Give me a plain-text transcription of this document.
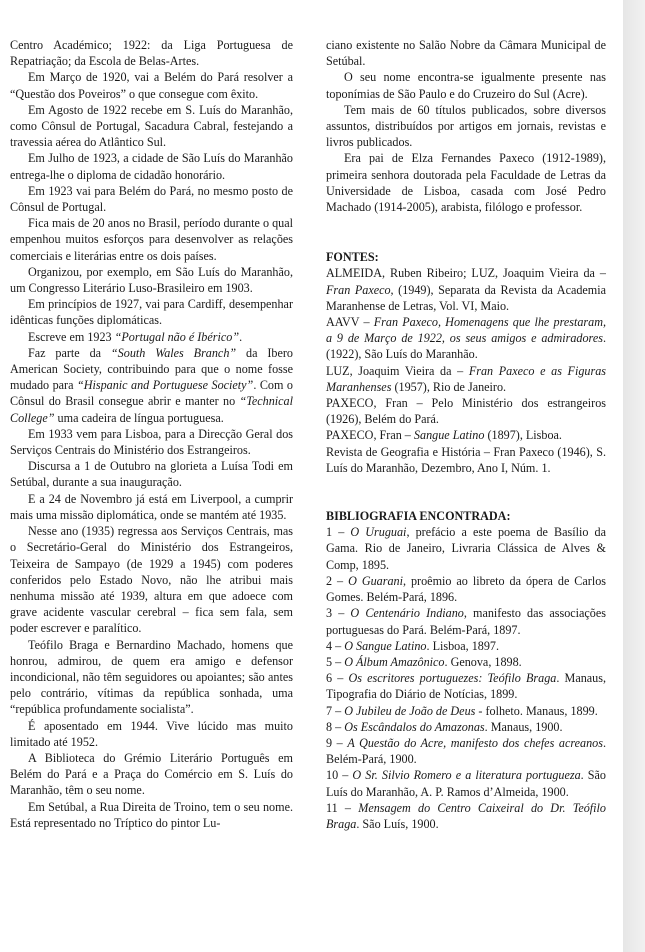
Centro Académico; 1922: da Liga Portuguesa de Repatriação; da Escola de Belas-Artes.

Em Março de 1920, vai a Belém do Pará resolver a “Questão dos Poveiros” o que consegue com êxito.

Em Agosto de 1922 recebe em S. Luís do Maranhão, como Cônsul de Portugal, Sacadura Cabral, festejando a travessia aérea do Atlântico Sul.

Em Julho de 1923, a cidade de São Luís do Maranhão entrega-lhe o diploma de cidadão honorário.

Em 1923 vai para Belém do Pará, no mesmo posto de Cônsul de Portugal.

Fica mais de 20 anos no Brasil, período durante o qual empenhou muitos esforços para desenvolver as relações comerciais e literárias entre os dois países.

Organizou, por exemplo, em São Luís do Maranhão, um Congresso Literário Luso-Brasileiro em 1903.

Em princípios de 1927, vai para Cardiff, desempenhar idênticas funções diplomáticas.

Escreve em 1923 “Portugal não é Ibérico”.

Faz parte da “South Wales Branch” da Ibero American Society, contribuindo para que o nome fosse mudado para “Hispanic and Portuguese Society”. Com o Cônsul do Brasil consegue abrir e manter no “Technical College” uma cadeira de língua portuguesa.

Em 1933 vem para Lisboa, para a Direcção Geral dos Serviços Centrais do Ministério dos Estrangeiros.

Discursa a 1 de Outubro na glorieta a Luísa Todi em Setúbal, durante a sua inauguração.

E a 24 de Novembro já está em Liverpool, a cumprir mais uma missão diplomática, onde se mantém até 1935.

Nesse ano (1935) regressa aos Serviços Centrais, mas o Secretário-Geral do Ministério dos Estrangeiros, Teixeira de Sampayo (de 1929 a 1945) com poderes conferidos pelo Estado Novo, não lhe atribui mais nenhuma missão até 1939, altura em que adoece com grave acidente vascular cerebral – fica sem fala, sem poder escrever e paralítico.

Teófilo Braga e Bernardino Machado, homens que honrou, admirou, de quem era amigo e defensor incondicional, não têm seguidores ou apoiantes; são antes pelo contrário, vítimas da república sonhada, uma “república profundamente socialista”.

É aposentado em 1944. Vive lúcido mas muito limitado até 1952.

A Biblioteca do Grémio Literário Português em Belém do Pará e a Praça do Comércio em S. Luís do Maranhão, têm o seu nome.

Em Setúbal, a Rua Direita de Troino, tem o seu nome. Está representado no Tríptico do pintor Lu-

ciano existente no Salão Nobre da Câmara Municipal de Setúbal.

O seu nome encontra-se igualmente presente nas toponímias de São Paulo e do Cruzeiro do Sul (Acre).

Tem mais de 60 títulos publicados, sobre diversos assuntos, distribuídos por artigos em jornais, revistas e livros publicados.

Era pai de Elza Fernandes Paxeco (1912-1989), primeira senhora doutorada pela Faculdade de Letras da Universidade de Lisboa, casada com José Pedro Machado (1914-2005), arabista, filólogo e professor.

FONTES:

ALMEIDA, Ruben Ribeiro; LUZ, Joaquim Vieira da – Fran Paxeco, (1949), Separata da Revista da Academia Maranhense de Letras, Vol. VI, Maio.

AAVV – Fran Paxeco, Homenagens que lhe prestaram, a 9 de Março de 1922, os seus amigos e admiradores. (1922), São Luís do Maranhão.

LUZ, Joaquim Vieira da – Fran Paxeco e as Figuras Maranhenses (1957), Rio de Janeiro.

PAXECO, Fran – Pelo Ministério dos estrangeiros (1926), Belém do Pará.

PAXECO, Fran – Sangue Latino (1897), Lisboa.

Revista de Geografia e História – Fran Paxeco (1946), S. Luís do Maranhão, Dezembro, Ano I, Núm. 1.

BIBLIOGRAFIA ENCONTRADA:

1 – O Uruguai, prefácio a este poema de Basílio da Gama. Rio de Janeiro, Livraria Clássica de Alves & Comp, 1895.

2 – O Guarani, proêmio ao libreto da ópera de Carlos Gomes. Belém-Pará, 1896.

3 – O Centenário Indiano, manifesto das associações portuguesas do Pará. Belém-Pará, 1897.

4 – O Sangue Latino. Lisboa, 1897.

5 – O Álbum Amazônico. Genova, 1898.

6 – Os escritores portuguezes: Teófilo Braga. Manaus, Tipografia do Diário de Notícias, 1899.

7 – O Jubileu de João de Deus - folheto. Manaus, 1899.

8 – Os Escândalos do Amazonas. Manaus, 1900.

9 – A Questão do Acre, manifesto dos chefes acreanos. Belém-Pará, 1900.

10 – O Sr. Silvio Romero e a literatura portugueza. São Luís do Maranhão, A. P. Ramos d’Almeida, 1900.

11 – Mensagem do Centro Caixeiral do Dr. Teófilo Braga. São Luís, 1900.
